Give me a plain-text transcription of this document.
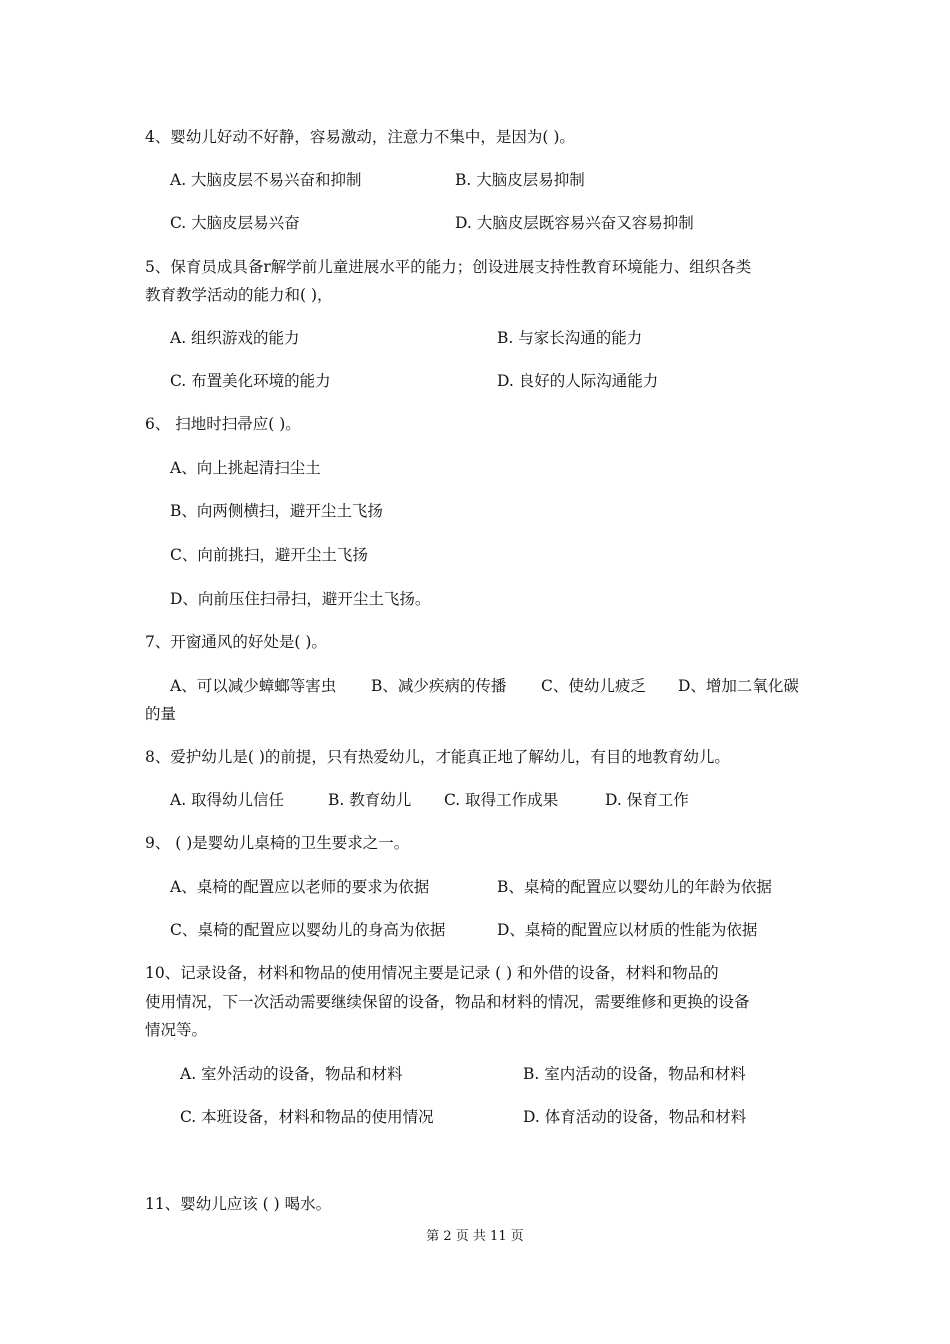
4、婴幼儿好动不好静，容易激动，注意力不集中，是因为( )。
A. 大脑皮层不易兴奋和抑制	B. 大脑皮层易抑制
C. 大脑皮层易兴奋	D. 大脑皮层既容易兴奋又容易抑制
5、保育员成具备r解学前儿童进展水平的能力；创设进展支持性教育环境能力、组织各类
教育教学活动的能力和( )，
A. 组织游戏的能力	B. 与家长沟通的能力
C. 布置美化环境的能力	D. 良好的人际沟通能力
6、 扫地时扫帚应( )。
A、向上挑起清扫尘土
B、向两侧横扫，避开尘土飞扬
C、向前挑扫，避开尘土飞扬
D、向前压住扫帚扫，避开尘土飞扬。
7、开窗通风的好处是( )。
A、可以减少蟑螂等害虫 B、减少疾病的传播 C、使幼儿疲乏 D、增加二氧化碳
的量
8、爱护幼儿是( )的前提，只有热爱幼儿，才能真正地了解幼儿，有目的地教育幼儿。
A. 取得幼儿信任	B. 教育幼儿 C. 取得工作成果	D. 保育工作
9、 ( )是婴幼儿桌椅的卫生要求之一。
A、桌椅的配置应以老师的要求为依据	B、桌椅的配置应以婴幼儿的年龄为依据
C、桌椅的配置应以婴幼儿的身高为依据	D、桌椅的配置应以材质的性能为依据
10、记录设备，材料和物品的使用情况主要是记录 ( ) 和外借的设备，材料和物品的
使用情况，下一次活动需要继续保留的设备，物品和材料的情况，需要维修和更换的设备
情况等。
A. 室外活动的设备，物品和材料	B. 室内活动的设备，物品和材料
C. 本班设备，材料和物品的使用情况	D. 体育活动的设备，物品和材料
11、婴幼儿应该 ( ) 喝水。
第 2 页 共 11 页
